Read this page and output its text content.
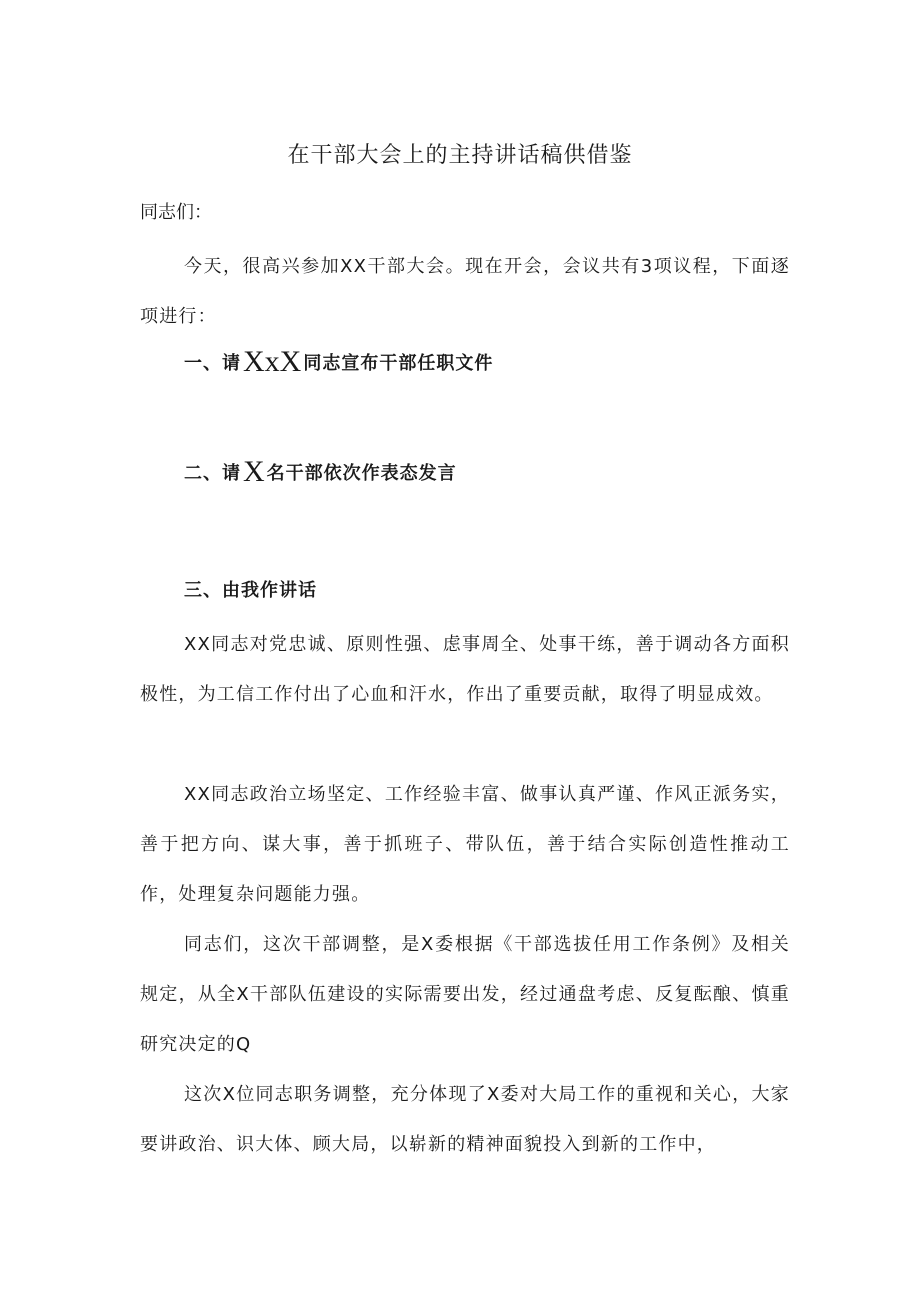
在干部大会上的主持讲话稿供借鉴

同志们：

今天，很高兴参加XX干部大会。现在开会，会议共有3项议程，下面逐项进行：

一、请XxX 同志宣布干部任职文件

二、请X 名干部依次作表态发言

三、由我作讲话

XX同志对党忠诚、原则性强、虑事周全、处事干练，善于调动各方面积极性，为工信工作付出了心血和汗水，作出了重要贡献，取得了明显成效。

XX同志政治立场坚定、工作经验丰富、做事认真严谨、作风正派务实，善于把方向、谋大事，善于抓班子、带队伍，善于结合实际创造性推动工作，处理复杂问题能力强。

同志们，这次干部调整，是X委根据《干部选拔任用工作条例》及相关规定，从全X干部队伍建设的实际需要出发，经过通盘考虑、反复酝酿、慎重研究决定的Q

这次X位同志职务调整，充分体现了X委对大局工作的重视和关心，大家要讲政治、识大体、顾大局，以崭新的精神面貌投入到新的工作中，
